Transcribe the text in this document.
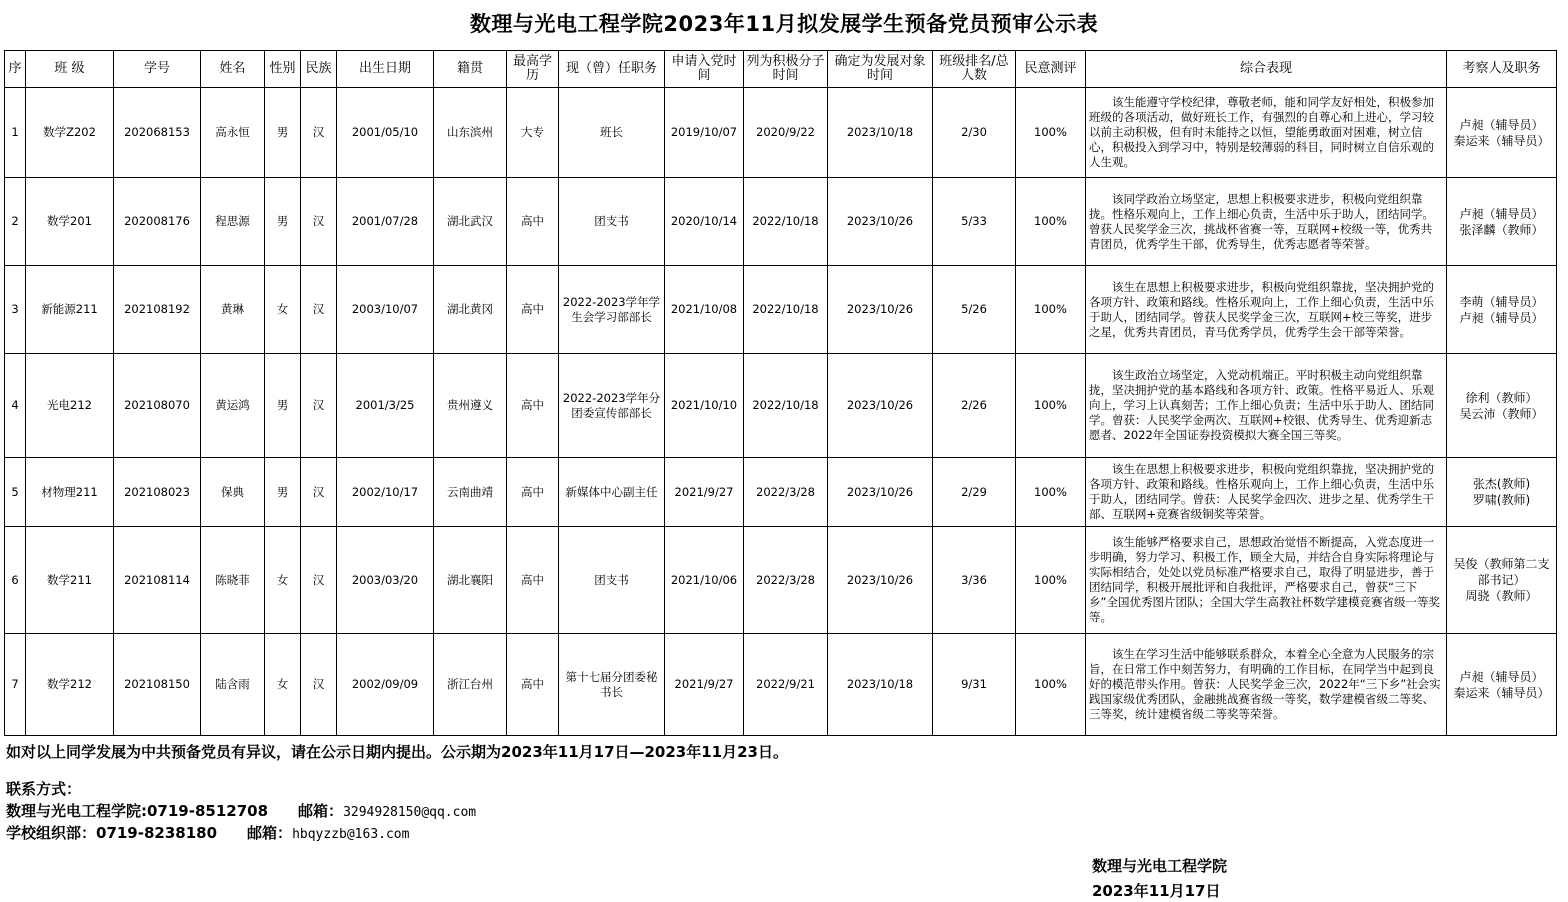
数理与光电工程学院2023年11月拟发展学生预备党员预审公示表
序	班 级	学号	姓名	性别	民族	出生日期	籍贯	最高学历	现（曾）任职务	申请入党时间	列为积极分子时间	确定为发展对象时间	班级排名/总人数	民意测评	综合表现	考察人及职务
1	数学Z202	202068153	高永恒	男	汉	2001/05/10	山东滨州	大专	班长	2019/10/07	2020/9/22	2023/10/18	2/30	100%	该生能遵守学校纪律，尊敬老师，能和同学友好相处，积极参加班级的各项活动，做好班长工作，有强烈的自尊心和上进心，学习较以前主动积极，但有时未能持之以恒，望能勇敢面对困难，树立信心，积极投入到学习中，特别是较薄弱的科目，同时树立自信乐观的人生观。	卢昶（辅导员）
秦运来（辅导员）
2	数学201	202008176	程思源	男	汉	2001/07/28	湖北武汉	高中	团支书	2020/10/14	2022/10/18	2023/10/26	5/33	100%	该同学政治立场坚定，思想上积极要求进步，积极向党组织靠拢。性格乐观向上，工作上细心负责，生活中乐于助人，团结同学。曾获人民奖学金三次，挑战杯省赛一等，互联网+校级一等，优秀共青团员，优秀学生干部，优秀导生，优秀志愿者等荣誉。	卢昶（辅导员）
张泽麟（教师）
3	新能源211	202108192	黄琳	女	汉	2003/10/07	湖北黄冈	高中	2022-2023学年学生会学习部部长	2021/10/08	2022/10/18	2023/10/26	5/26	100%	该生在思想上积极要求进步，积极向党组织靠拢，坚决拥护党的各项方针、政策和路线。性格乐观向上，工作上细心负责，生活中乐于助人，团结同学。曾获人民奖学金三次，互联网+校三等奖，进步之星，优秀共青团员，青马优秀学员，优秀学生会干部等荣誉。	李萌（辅导员）
卢昶（辅导员）
4	光电212	202108070	黄运鸿	男	汉	2001/3/25	贵州遵义	高中	2022-2023学年分团委宣传部部长	2021/10/10	2022/10/18	2023/10/26	2/26	100%	该生政治立场坚定，入党动机端正。平时积极主动向党组织靠拢，坚决拥护党的基本路线和各项方针、政策。性格平易近人、乐观向上，学习上认真刻苦；工作上细心负责；生活中乐于助人、团结同学。曾获：人民奖学金两次、互联网+校银、优秀导生、优秀迎新志愿者、2022年全国证券投资模拟大赛全国三等奖。	徐利（教师）
吴云沛（教师）
5	材物理211	202108023	保典	男	汉	2002/10/17	云南曲靖	高中	新媒体中心副主任	2021/9/27	2022/3/28	2023/10/26	2/29	100%	该生在思想上积极要求进步，积极向党组织靠拢，坚决拥护党的各项方针、政策和路线。性格乐观向上，工作上细心负责，生活中乐于助人，团结同学。曾获：人民奖学金四次、进步之星、优秀学生干部、互联网+竞赛省级铜奖等荣誉。	张杰(教师)
罗啸(教师)
6	数学211	202108114	陈晓菲	女	汉	2003/03/20	湖北襄阳	高中	团支书	2021/10/06	2022/3/28	2023/10/26	3/36	100%	该生能够严格要求自己，思想政治觉悟不断提高，入党态度进一步明确，努力学习、积极工作，顾全大局，并结合自身实际将理论与实际相结合，处处以党员标准严格要求自己，取得了明显进步，善于团结同学，积极开展批评和自我批评，严格要求自己，曾获“三下乡”全国优秀图片团队；全国大学生高教社杯数学建模竞赛省级一等奖等。	吴俊（教师第二支部书记）
周骁（教师）
7	数学212	202108150	陆含雨	女	汉	2002/09/09	浙江台州	高中	第十七届分团委秘书长	2021/9/27	2022/9/21	2023/10/18	9/31	100%	该生在学习生活中能够联系群众，本着全心全意为人民服务的宗旨，在日常工作中刻苦努力，有明确的工作目标，在同学当中起到良好的模范带头作用。曾获：人民奖学金三次，2022年“三下乡”社会实践国家级优秀团队，金融挑战赛省级一等奖，数学建模省级二等奖、三等奖，统计建模省级二等奖等荣誉。	卢昶（辅导员）
秦运来（辅导员）
如对以上同学发展为中共预备党员有异议，请在公示日期内提出。公示期为2023年11月17日—2023年11月23日。
联系方式：
数理与光电工程学院:0719-8512708 邮箱：3294928150@qq.com
学校组织部：0719-8238180 邮箱：hbqyzzb@163.com
数理与光电工程学院
2023年11月17日
